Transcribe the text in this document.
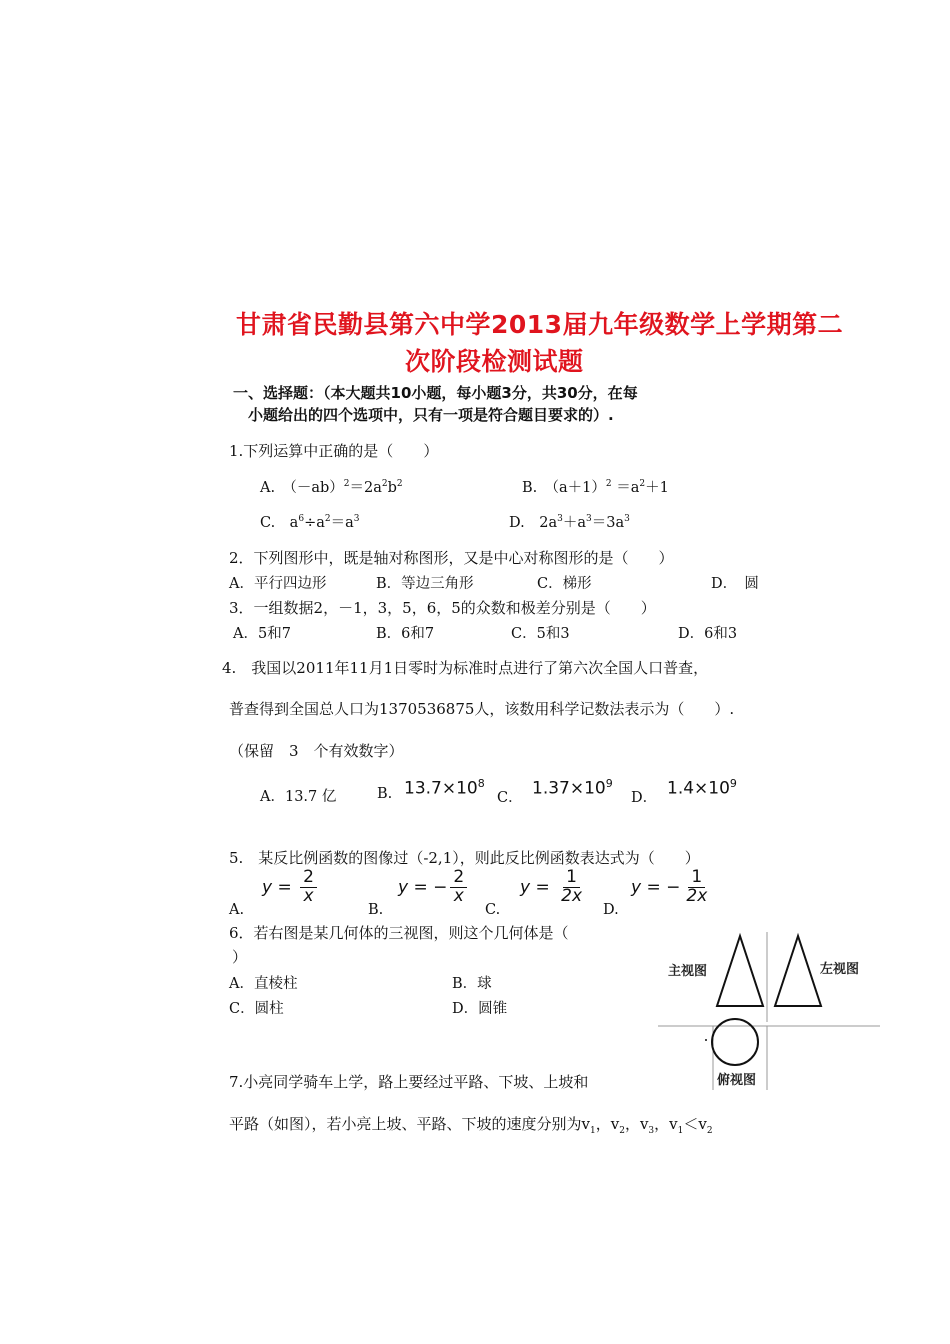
甘肃省民勤县第六中学2013届九年级数学上学期第二
次阶段检测试题
一、选择题：（本大题共10小题，每小题3分，共30分，在每
小题给出的四个选项中，只有一项是符合题目要求的）.
1.下列运算中正确的是（　　）
A.　$(-ab)^2=2a^2b^2$	B.　$(a+1)^2 =a^2+1$
C.　$a^6\div a^2=a^3$	D.　$2a^3+a^3=3a^3$
2．下列图形中，既是轴对称图形，又是中心对称图形的是（　　）
A．平行四边形	B．等边三角形	C．梯形	D．　圆
3．一组数据2，－1，3，5，6，5的众数和极差分别是（　　）
A．5和7	B．6和7	C．5和3	D．6和3
4.　我国以2011年11月1日零时为标准时点进行了第六次全国人口普查，
普查得到全国总人口为1370536875人，该数用科学记数法表示为（　　）.
（保留　3　个有效数字）
A．13.7 亿	B. $13.7\times 10^8$
C． $1.37\times 10^9$
D． $1.4\times 10^9$
5.　某反比例函数的图像过（-2,1），则此反比例函数表达式为（　　）
$y = \frac{2}{x}$
A.
y = − $\frac{2}{x}$
B.
$y = \frac{1}{2x}$
C.
y = − $\frac{1}{2x}$
D.
6．若右图是某几何体的三视图，则这个几何体是（
）
A．直棱柱	B．球
C．圆柱	D．圆锥
主视图	左视图
俯视图
7.小亮同学骑车上学，路上要经过平路、下坡、上坡和
平路（如图），若小亮上坡、平路、下坡的速度分别为$v_1$，$v_2$，$v_3$，$v_1<v_2$
